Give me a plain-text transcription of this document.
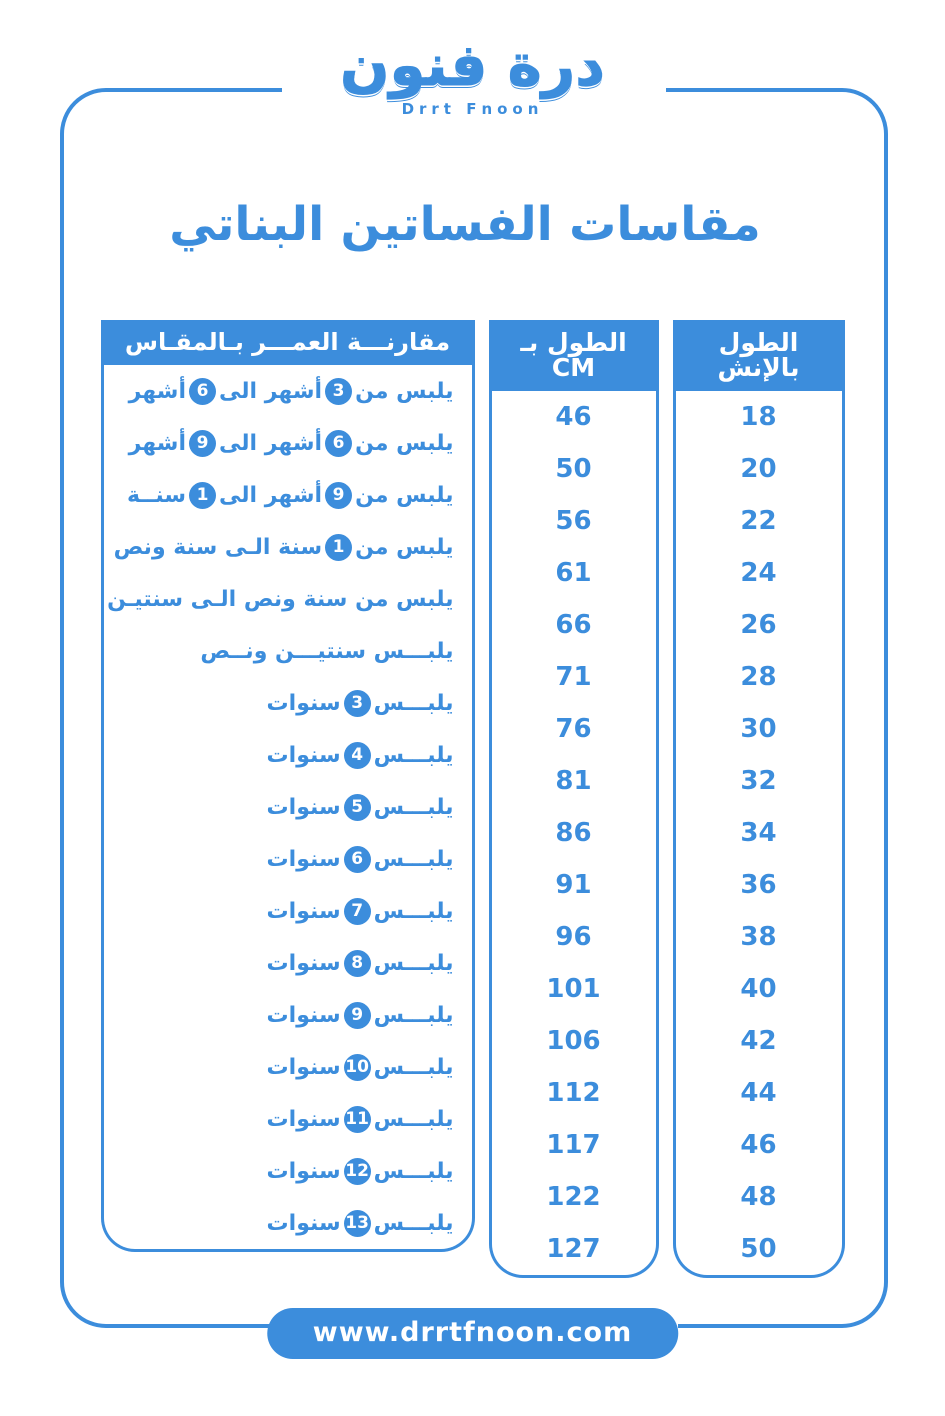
درة فنون
Drrt Fnoon
مقاسات الفساتين البناتي
مقارنـــة العمـــر بـالمقـاس
يلبس من
3
أشهر الى
6
أشهر
يلبس من
6
أشهر الى
9
أشهر
يلبس من
9
أشهر الى
1
سنــة
يلبس من
1
سنة الـى سنة ونص
يلبس من سنة ونص الـى سنتيـن
يلبـــس سنتيـــن ونــص
يلبـــس
3
سنوات
يلبـــس
4
سنوات
يلبـــس
5
سنوات
يلبـــس
6
سنوات
يلبـــس
7
سنوات
يلبـــس
8
سنوات
يلبـــس
9
سنوات
يلبـــس
10
سنوات
يلبـــس
11
سنوات
يلبـــس
12
سنوات
يلبـــس
13
سنوات
الطول بـ CM
46
50
56
61
66
71
76
81
86
91
96
101
106
112
117
122
127
الطول بالإنش
18
20
22
24
26
28
30
32
34
36
38
40
42
44
46
48
50
www.drrtfnoon.com
